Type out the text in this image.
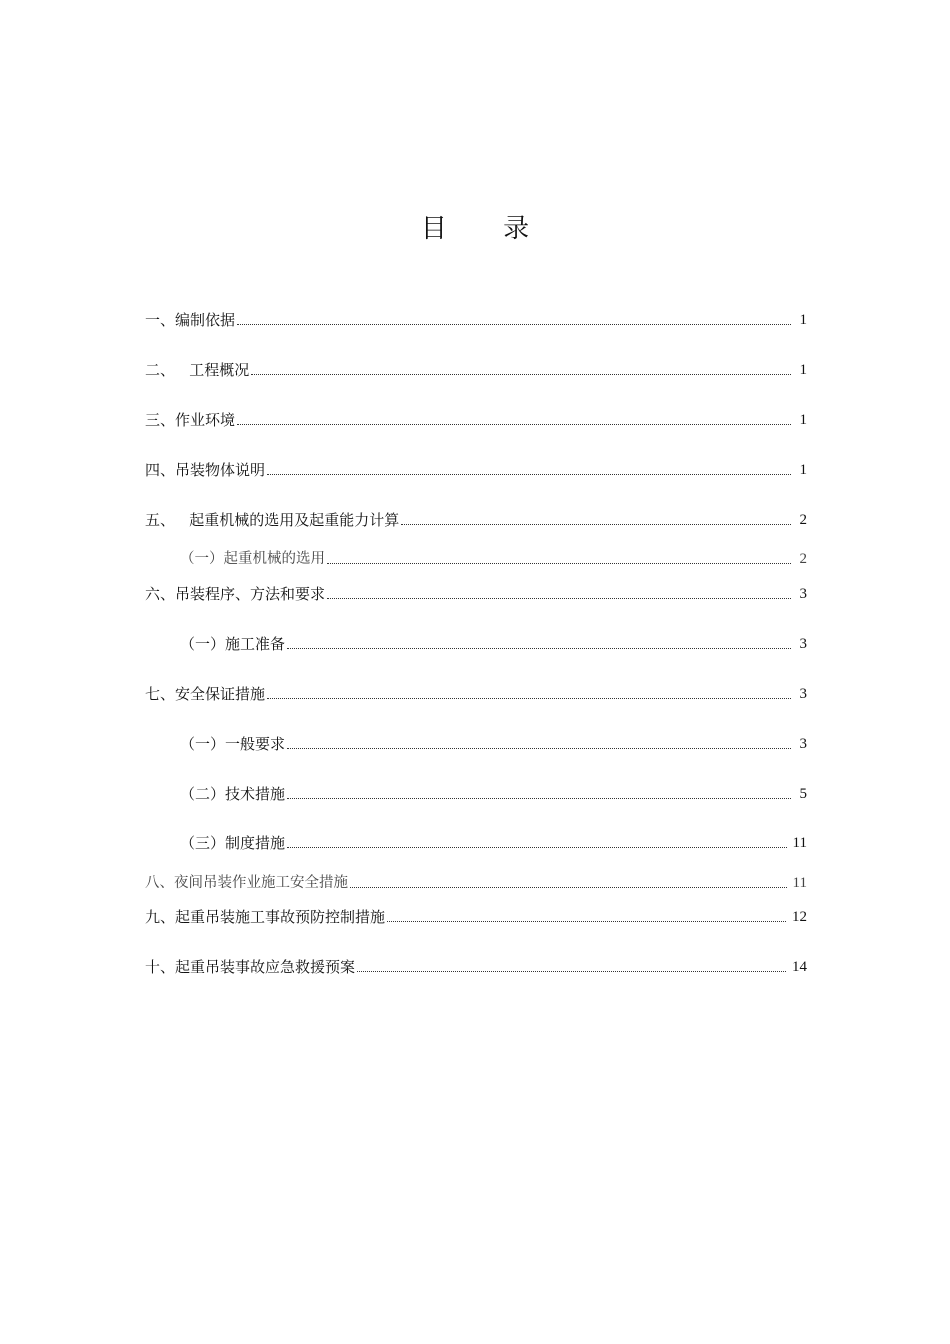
目 录
一、编制依据	1
二、   工程概况	1
三、作业环境	1
四、吊装物体说明	1
五、   起重机械的选用及起重能力计算	2
（一）起重机械的选用	2
六、吊装程序、方法和要求	3
（一）施工准备	3
七、安全保证措施	3
（一）一般要求	3
（二）技术措施	5
（三）制度措施	11
八、夜间吊装作业施工安全措施	11
九、起重吊装施工事故预防控制措施	12
十、起重吊装事故应急救援预案	14
